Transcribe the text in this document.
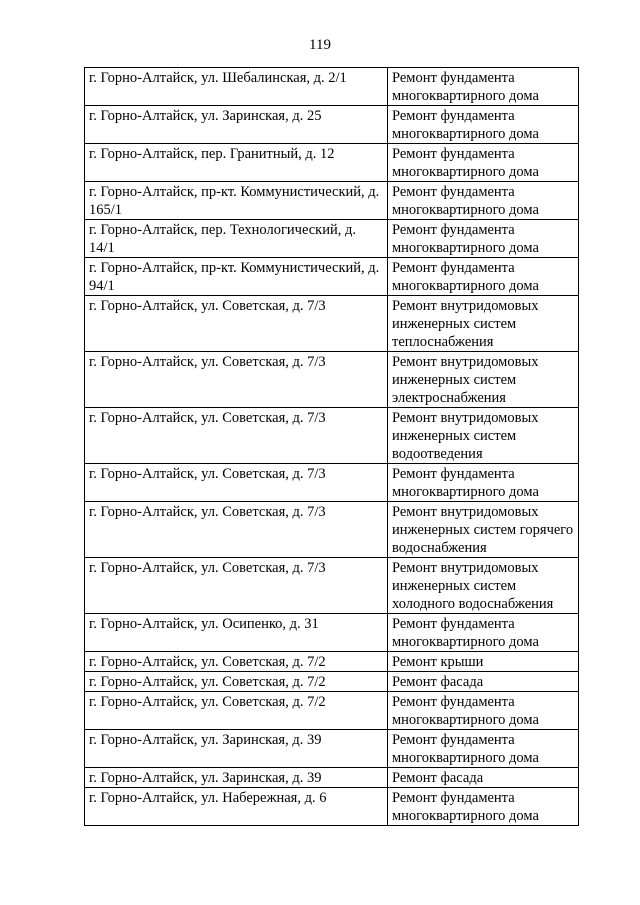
119
г. Горно-Алтайск, ул. Шебалинская, д. 2/1	Ремонт фундамента многоквартирного дома
г. Горно-Алтайск, ул. Заринская, д. 25	Ремонт фундамента многоквартирного дома
г. Горно-Алтайск, пер. Гранитный, д. 12	Ремонт фундамента многоквартирного дома
г. Горно-Алтайск, пр-кт. Коммунистический, д. 165/1	Ремонт фундамента многоквартирного дома
г. Горно-Алтайск, пер. Технологический, д. 14/1	Ремонт фундамента многоквартирного дома
г. Горно-Алтайск, пр-кт. Коммунистический, д. 94/1	Ремонт фундамента многоквартирного дома
г. Горно-Алтайск, ул. Советская, д. 7/3	Ремонт внутридомовых инженерных систем теплоснабжения
г. Горно-Алтайск, ул. Советская, д. 7/3	Ремонт внутридомовых инженерных систем электроснабжения
г. Горно-Алтайск, ул. Советская, д. 7/3	Ремонт внутридомовых инженерных систем водоотведения
г. Горно-Алтайск, ул. Советская, д. 7/3	Ремонт фундамента многоквартирного дома
г. Горно-Алтайск, ул. Советская, д. 7/3	Ремонт внутридомовых инженерных систем горячего водоснабжения
г. Горно-Алтайск, ул. Советская, д. 7/3	Ремонт внутридомовых инженерных систем холодного водоснабжения
г. Горно-Алтайск, ул. Осипенко, д. 31	Ремонт фундамента многоквартирного дома
г. Горно-Алтайск, ул. Советская, д. 7/2	Ремонт крыши
г. Горно-Алтайск, ул. Советская, д. 7/2	Ремонт фасада
г. Горно-Алтайск, ул. Советская, д. 7/2	Ремонт фундамента многоквартирного дома
г. Горно-Алтайск, ул. Заринская, д. 39	Ремонт фундамента многоквартирного дома
г. Горно-Алтайск, ул. Заринская, д. 39	Ремонт фасада
г. Горно-Алтайск, ул. Набережная, д. 6	Ремонт фундамента многоквартирного дома
